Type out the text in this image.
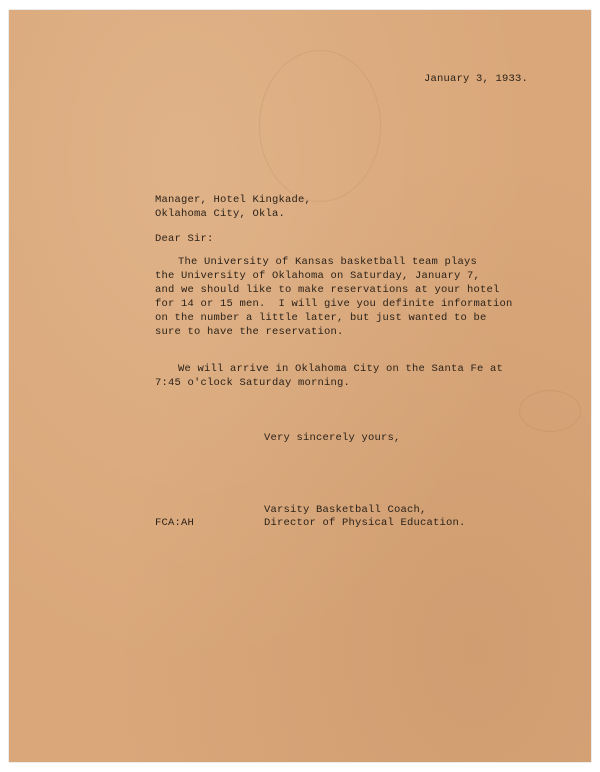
January 3, 1933.
Manager, Hotel Kingkade,
Oklahoma City, Okla.
Dear Sir:
The University of Kansas basketball team plays
the University of Oklahoma on Saturday, January 7,
and we should like to make reservations at your hotel
for 14 or 15 men.  I will give you definite information
on the number a little later, but just wanted to be
sure to have the reservation.
We will arrive in Oklahoma City on the Santa Fe at
7:45 o'clock Saturday morning.
Very sincerely yours,
Varsity Basketball Coach,
FCA:AH	Director of Physical Education.
